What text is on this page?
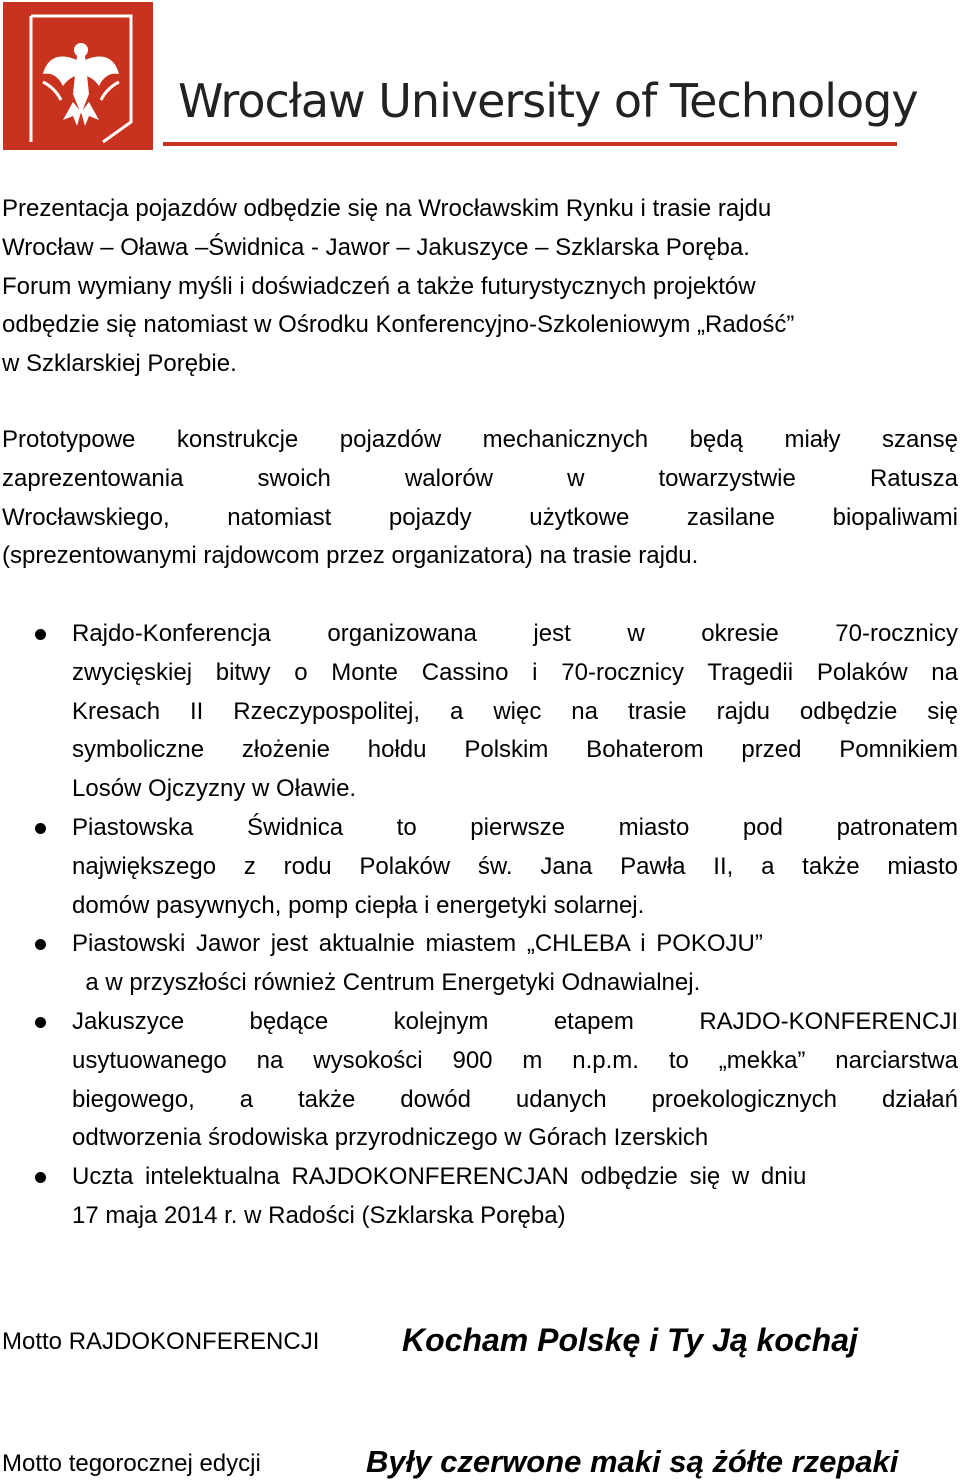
Wrocław University of Technology
Prezentacja pojazdów odbędzie się na Wrocławskim Rynku i trasie rajdu
Wrocław – Oława –Świdnica - Jawor – Jakuszyce – Szklarska Poręba.
Forum wymiany myśli i doświadczeń a także futurystycznych projektów
odbędzie się natomiast w Ośrodku Konferencyjno-Szkoleniowym „Radość”
w Szklarskiej Porębie.
Prototypowe konstrukcje pojazdów mechanicznych będą miały szansę
zaprezentowania swoich walorów w towarzystwie Ratusza
Wrocławskiego, natomiast pojazdy użytkowe zasilane biopaliwami
(sprezentowanymi rajdowcom przez organizatora) na trasie rajdu.
Rajdo-Konferencja organizowana jest w okresie 70-rocznicy
zwycięskiej bitwy o Monte Cassino i 70-rocznicy Tragedii Polaków na
Kresach II Rzeczypospolitej, a więc na trasie rajdu odbędzie się
symboliczne złożenie hołdu Polskim Bohaterom przed Pomnikiem
Losów Ojczyzny w Oławie.
Piastowska Świdnica to pierwsze miasto pod patronatem
największego z rodu Polaków św. Jana Pawła II, a także miasto
domów pasywnych, pomp ciepła i energetyki solarnej.
Piastowski Jawor jest aktualnie miastem „CHLEBA i POKOJU”
a w przyszłości również Centrum Energetyki Odnawialnej.
Jakuszyce będące kolejnym etapem RAJDO-KONFERENCJI
usytuowanego na wysokości 900 m n.p.m. to „mekka” narciarstwa
biegowego, a także dowód udanych proekologicznych działań
odtworzenia środowiska przyrodniczego w Górach Izerskich
Uczta intelektualna RAJDOKONFERENCJAN odbędzie się w dniu
17 maja 2014 r. w Radości (Szklarska Poręba)
Motto RAJDOKONFERENCJI	Kocham Polskę i Ty Ją kochaj
Motto tegorocznej edycji	Były czerwone maki są żółte rzepaki
